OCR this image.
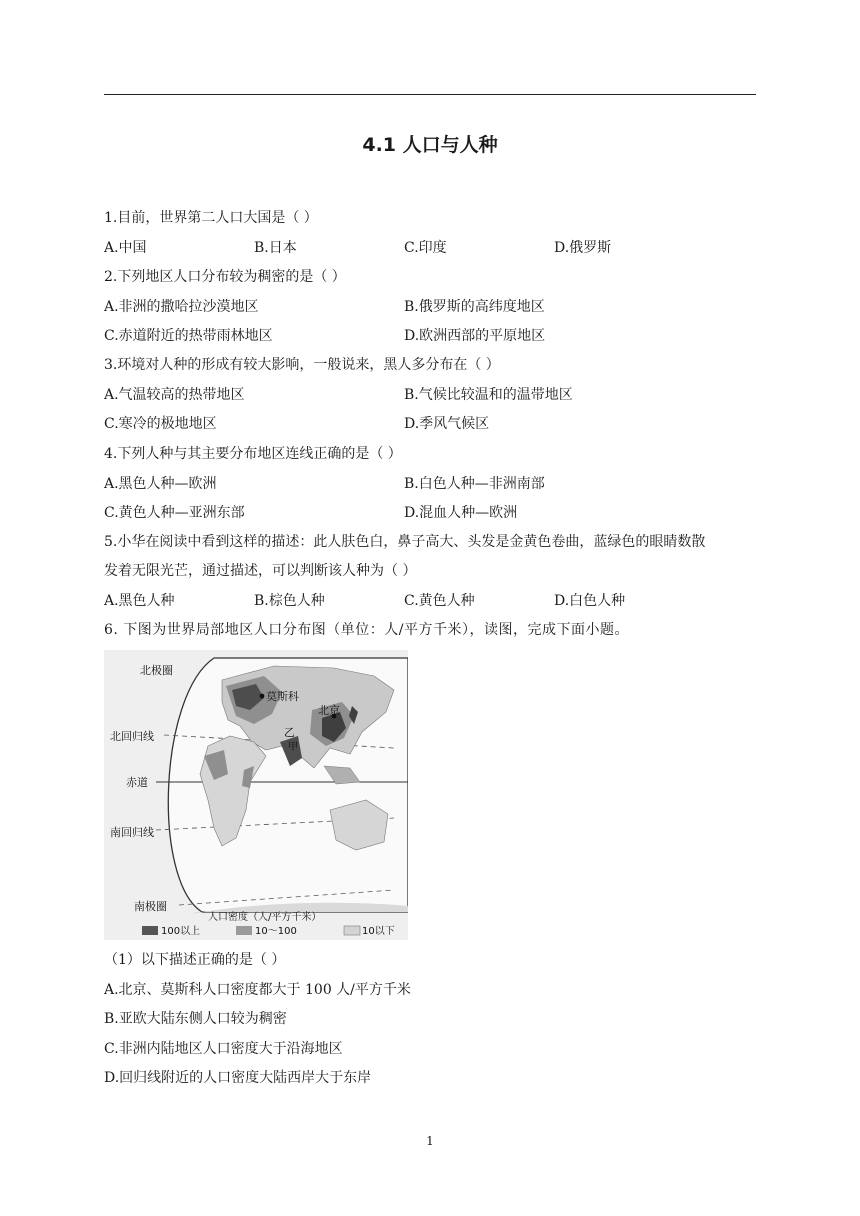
4.1 人口与人种
1.目前，世界第二人口大国是（ ）
A.中国	B.日本	C.印度	D.俄罗斯
2.下列地区人口分布较为稠密的是（ ）
A.非洲的撒哈拉沙漠地区	B.俄罗斯的高纬度地区
C.赤道附近的热带雨林地区	D.欧洲西部的平原地区
3.环境对人种的形成有较大影响，一般说来，黑人多分布在（ ）
A.气温较高的热带地区	B.气候比较温和的温带地区
C.寒冷的极地地区	D.季风气候区
4.下列人种与其主要分布地区连线正确的是（ ）
A.黑色人种—欧洲	B.白色人种—非洲南部
C.黄色人种—亚洲东部	D.混血人种—欧洲
5.小华在阅读中看到这样的描述：此人肤色白，鼻子高大、头发是金黄色卷曲，蓝绿色的眼睛数散
发着无限光芒，通过描述，可以判断该人种为（ ）
A.黑色人种	B.棕色人种	C.黄色人种	D.白色人种
6. 下图为世界局部地区人口分布图（单位：人/平方千米），读图，完成下面小题。
北极圈
北回归线
赤道
南回归线
南极圈
莫斯科
北京
乙
甲
人口密度（人/平方千米）
100以上	10～100	10以下
（1）以下描述正确的是（ ）
A.北京、莫斯科人口密度都大于 100 人/平方千米
B.亚欧大陆东侧人口较为稠密
C.非洲内陆地区人口密度大于沿海地区
D.回归线附近的人口密度大陆西岸大于东岸
1
